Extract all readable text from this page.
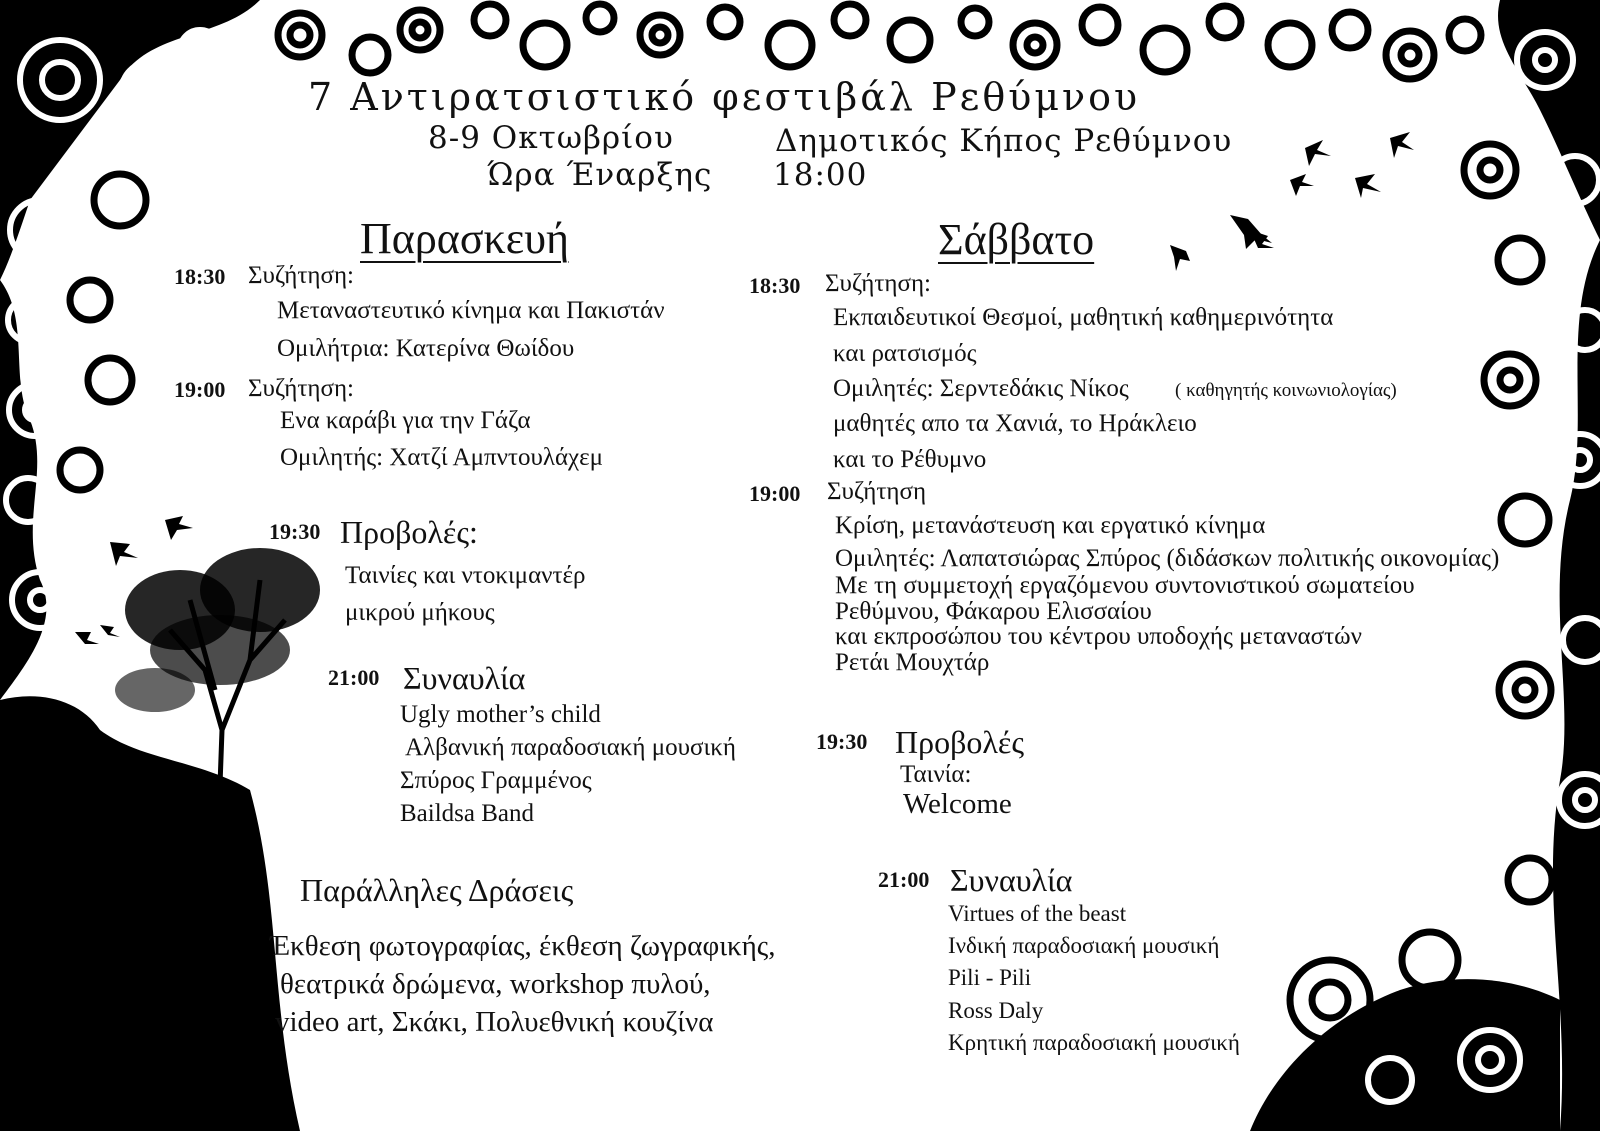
7 Αντιρατσιστικό φεστιβάλ Ρεθύμνου
8-9 Οκτωβρίου	Δημοτικός Κήπος Ρεθύμνου
Ώρα Έναρξης 18:00
Παρασκευή
18:30 Συζήτηση:
Μεταναστευτικό κίνημα και Πακιστάν
Ομιλήτρια: Κατερίνα Θωίδου
19:00 Συζήτηση:
Ενα καράβι για την Γάζα
Ομιλητής: Χατζί Αμπντουλάχεμ
19:30 Προβολές:
Ταινίες και ντοκιμαντέρ
μικρού μήκους
21:00 Συναυλία
Ugly mother’s child
Αλβανική παραδοσιακή μουσική
Σπύρος Γραμμένος
Baildsa Band
Παράλληλες Δράσεις
Έκθεση φωτογραφίας, έκθεση ζωγραφικής,
θεατρικά δρώμενα, workshop πυλού,
video art, Σκάκι, Πολυεθνική κουζίνα
Σάββατο
18:30 Συζήτηση:
Εκπαιδευτικοί Θεσμοί, μαθητική καθημερινότητα
και ρατσισμός
Ομιλητές: Σερντεδάκις Νίκος ( καθηγητής κοινωνιολογίας)
μαθητές απο τα Χανιά, το Ηράκλειο
και το Ρέθυμνο
19:00 Συζήτηση
Κρίση, μετανάστευση και εργατικό κίνημα
Ομιλητές: Λαπατσιώρας Σπύρος (διδάσκων πολιτικής οικονομίας)
Με τη συμμετοχή εργαζόμενου συντονιστικού σωματείου
Ρεθύμνου, Φάκαρου Ελισσαίου
και εκπροσώπου του κέντρου υποδοχής μεταναστών
Ρετάι Μουχτάρ
19:30 Προβολές
Ταινία:
Welcome
21:00 Συναυλία
Virtues of the beast
Ινδική παραδοσιακή μουσική
Pili - Pili
Ross Daly
Κρητική παραδοσιακή μουσική
